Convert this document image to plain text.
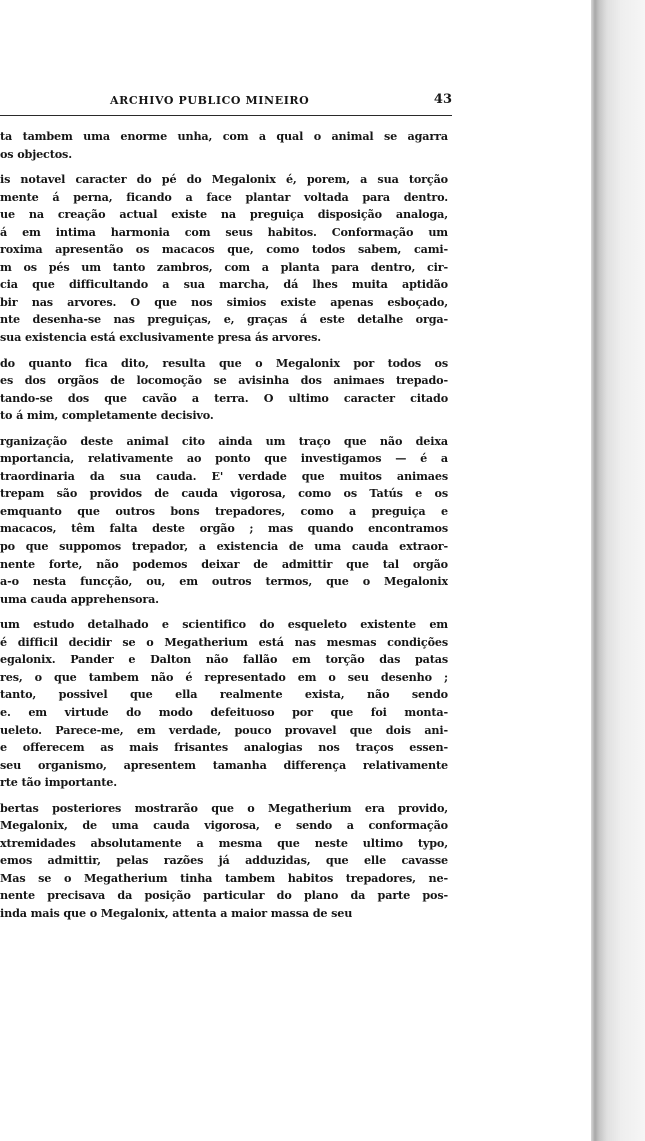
ARCHIVO PUBLICO MINEIRO	43
ta tambem uma enorme unha, com a qual o animal se agarra
os objectos.
is notavel caracter do pé do Megalonix é, porem, a sua torção
mente á perna, ficando a face plantar voltada para dentro.
ue na creação actual existe na preguiça disposição analoga,
á em intima harmonia com seus habitos. Conformação um
roxima apresentão os macacos que, como todos sabem, cami-
m os pés um tanto zambros, com a planta para dentro, cir-
cia que difficultando a sua marcha, dá lhes muita aptidão
bir nas arvores. O que nos simios existe apenas esboçado,
nte desenha-se nas preguiças, e, graças á este detalhe orga-
sua existencia está exclusivamente presa ás arvores.
do quanto fica dito, resulta que o Megalonix por todos os
es dos orgãos de locomoção se avisinha dos animaes trepado-
tando-se dos que cavão a terra. O ultimo caracter citado
to á mim, completamente decisivo.
rganização deste animal cito ainda um traço que não deixa
mportancia, relativamente ao ponto que investigamos — é a
traordinaria da sua cauda. E' verdade que muitos animaes
trepam são providos de cauda vigorosa, como os Tatús e os
emquanto que outros bons trepadores, como a preguiça e
macacos, têm falta deste orgão ; mas quando encontramos
po que suppomos trepador, a existencia de uma cauda extraor-
nente forte, não podemos deixar de admittir que tal orgão
a-o nesta funcção, ou, em outros termos, que o Megalonix
uma cauda apprehensora.
um estudo detalhado e scientifico do esqueleto existente em
é difficil decidir se o Megatherium está nas mesmas condições
egalonix. Pander e Dalton não fallão em torção das patas
res, o que tambem não é representado em o seu desenho ;
tanto, possivel que ella realmente exista, não sendo
e. em virtude do modo defeituoso por que foi monta-
ueleto. Parece-me, em verdade, pouco provavel que dois ani-
e offerecem as mais frisantes analogias nos traços essen-
seu organismo, apresentem tamanha differença relativamente
rte tão importante.
bertas posteriores mostrarão que o Megatherium era provido,
Megalonix, de uma cauda vigorosa, e sendo a conformação
xtremidades absolutamente a mesma que neste ultimo typo,
emos admittir, pelas razões já adduzidas, que elle cavasse
Mas se o Megatherium tinha tambem habitos trepadores, ne-
nente precisava da posição particular do plano da parte pos-
inda mais que o Megalonix, attenta a maior massa de seu
